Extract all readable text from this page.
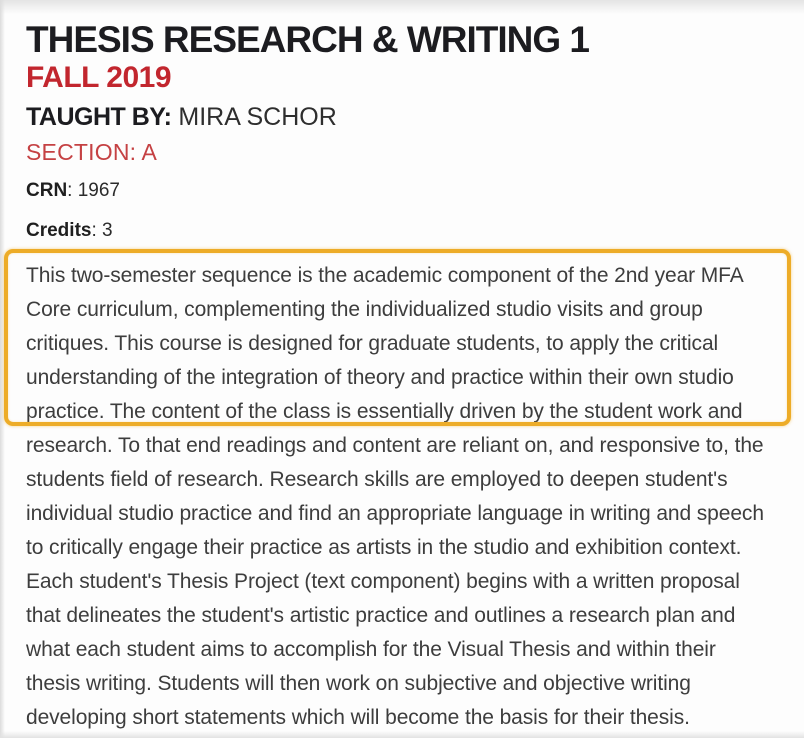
THESIS RESEARCH & WRITING 1
FALL 2019
TAUGHT BY: MIRA SCHOR
SECTION: A
CRN: 1967
Credits: 3
This two-semester sequence is the academic component of the 2nd year MFA
Core curriculum, complementing the individualized studio visits and group
critiques. This course is designed for graduate students, to apply the critical
understanding of the integration of theory and practice within their own studio
practice. The content of the class is essentially driven by the student work and
research. To that end readings and content are reliant on, and responsive to, the
students field of research. Research skills are employed to deepen student's
individual studio practice and find an appropriate language in writing and speech
to critically engage their practice as artists in the studio and exhibition context.
Each student's Thesis Project (text component) begins with a written proposal
that delineates the student's artistic practice and outlines a research plan and
what each student aims to accomplish for the Visual Thesis and within their
thesis writing. Students will then work on subjective and objective writing
developing short statements which will become the basis for their thesis.
